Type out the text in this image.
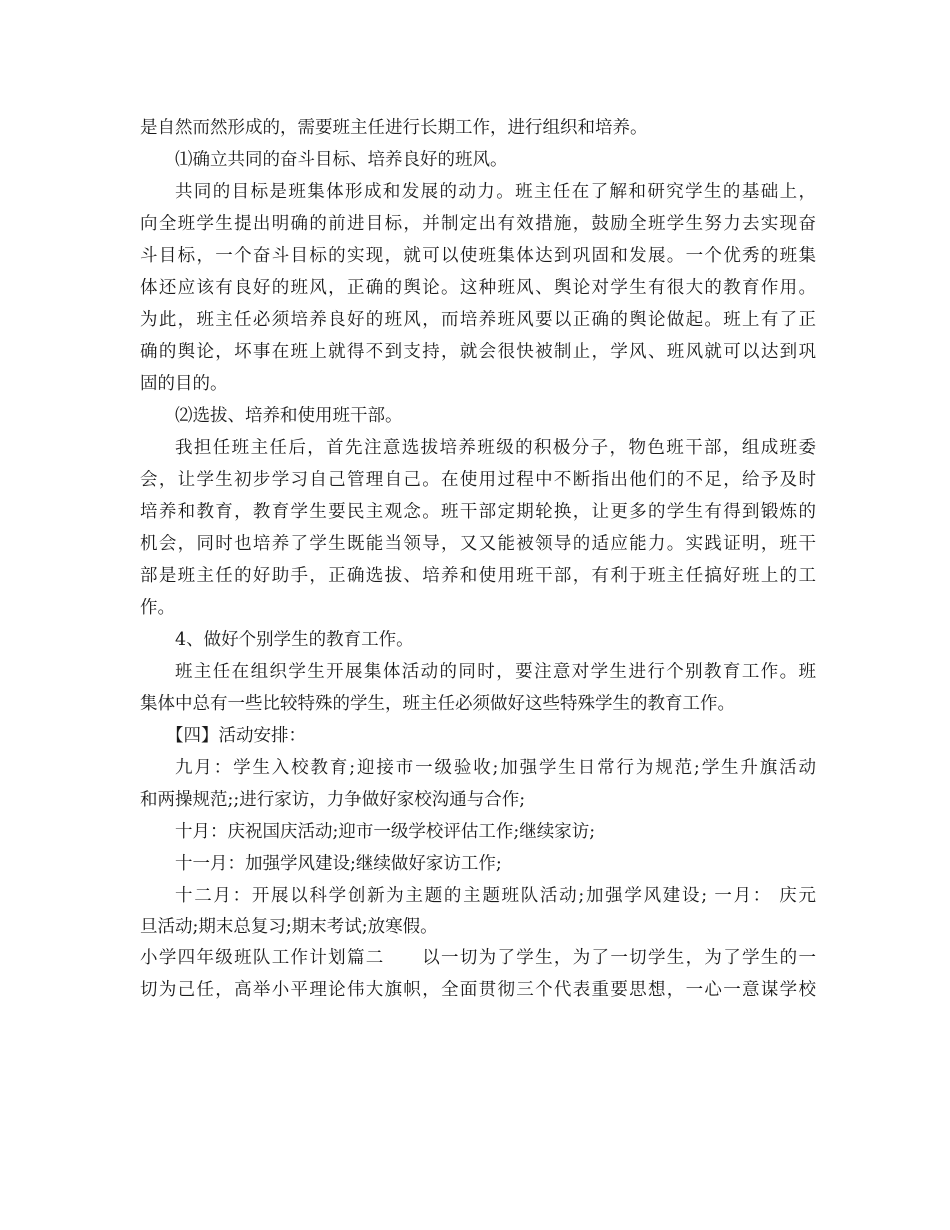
是自然而然形成的，需要班主任进行长期工作，进行组织和培养。
⑴确立共同的奋斗目标、培养良好的班风。
共同的目标是班集体形成和发展的动力。班主任在了解和研究学生的基础上，
向全班学生提出明确的前进目标，并制定出有效措施，鼓励全班学生努力去实现奋
斗目标，一个奋斗目标的实现，就可以使班集体达到巩固和发展。一个优秀的班集
体还应该有良好的班风，正确的舆论。这种班风、舆论对学生有很大的教育作用。
为此，班主任必须培养良好的班风，而培养班风要以正确的舆论做起。班上有了正
确的舆论，坏事在班上就得不到支持，就会很快被制止，学风、班风就可以达到巩
固的目的。
⑵选拔、培养和使用班干部。
我担任班主任后，首先注意选拔培养班级的积极分子，物色班干部，组成班委
会，让学生初步学习自己管理自己。在使用过程中不断指出他们的不足，给予及时
培养和教育，教育学生要民主观念。班干部定期轮换，让更多的学生有得到锻炼的
机会，同时也培养了学生既能当领导，又又能被领导的适应能力。实践证明，班干
部是班主任的好助手，正确选拔、培养和使用班干部，有利于班主任搞好班上的工
作。
4、做好个别学生的教育工作。
班主任在组织学生开展集体活动的同时，要注意对学生进行个别教育工作。班
集体中总有一些比较特殊的学生，班主任必须做好这些特殊学生的教育工作。
【四】活动安排：
九月：学生入校教育;迎接市一级验收;加强学生日常行为规范;学生升旗活动
和两操规范;;进行家访，力争做好家校沟通与合作;
十月：庆祝国庆活动;迎市一级学校评估工作;继续家访;
十一月：加强学风建设;继续做好家访工作;
十二月：开展以科学创新为主题的主题班队活动;加强学风建设; 一月： 庆元
旦活动;期末总复习;期末考试;放寒假。
小学四年级班队工作计划篇二　　以一切为了学生，为了一切学生，为了学生的一
切为己任，高举小平理论伟大旗帜，全面贯彻三个代表重要思想，一心一意谋学校
